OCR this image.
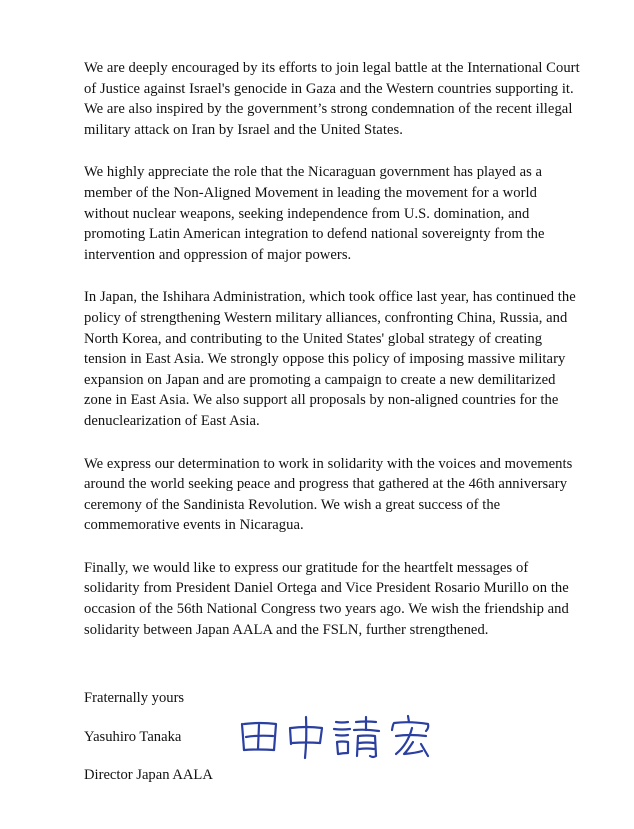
We are deeply encouraged by its efforts to join legal battle at the International Court of Justice against Israel's genocide in Gaza and the Western countries supporting it. We are also inspired by the government’s strong condemnation of the recent illegal military attack on Iran by Israel and the United States.

We highly appreciate the role that the Nicaraguan government has played as a member of the Non-Aligned Movement in leading the movement for a world without nuclear weapons, seeking independence from U.S. domination, and promoting Latin American integration to defend national sovereignty from the intervention and oppression of major powers.

In Japan, the Ishihara Administration, which took office last year, has continued the policy of strengthening Western military alliances, confronting China, Russia, and North Korea, and contributing to the United States' global strategy of creating tension in East Asia. We strongly oppose this policy of imposing massive military expansion on Japan and are promoting a campaign to create a new demilitarized zone in East Asia. We also support all proposals by non-aligned countries for the denuclearization of East Asia.

We express our determination to work in solidarity with the voices and movements around the world seeking peace and progress that gathered at the 46th anniversary ceremony of the Sandinista Revolution. We wish a great success of the commemorative events in Nicaragua.

Finally, we would like to express our gratitude for the heartfelt messages of solidarity from President Daniel Ortega and Vice President Rosario Murillo on the occasion of the 56th National Congress two years ago. We wish the friendship and solidarity between Japan AALA and the FSLN, further strengthened.

Fraternally yours
Yasuhiro Tanaka
Director Japan AALA
